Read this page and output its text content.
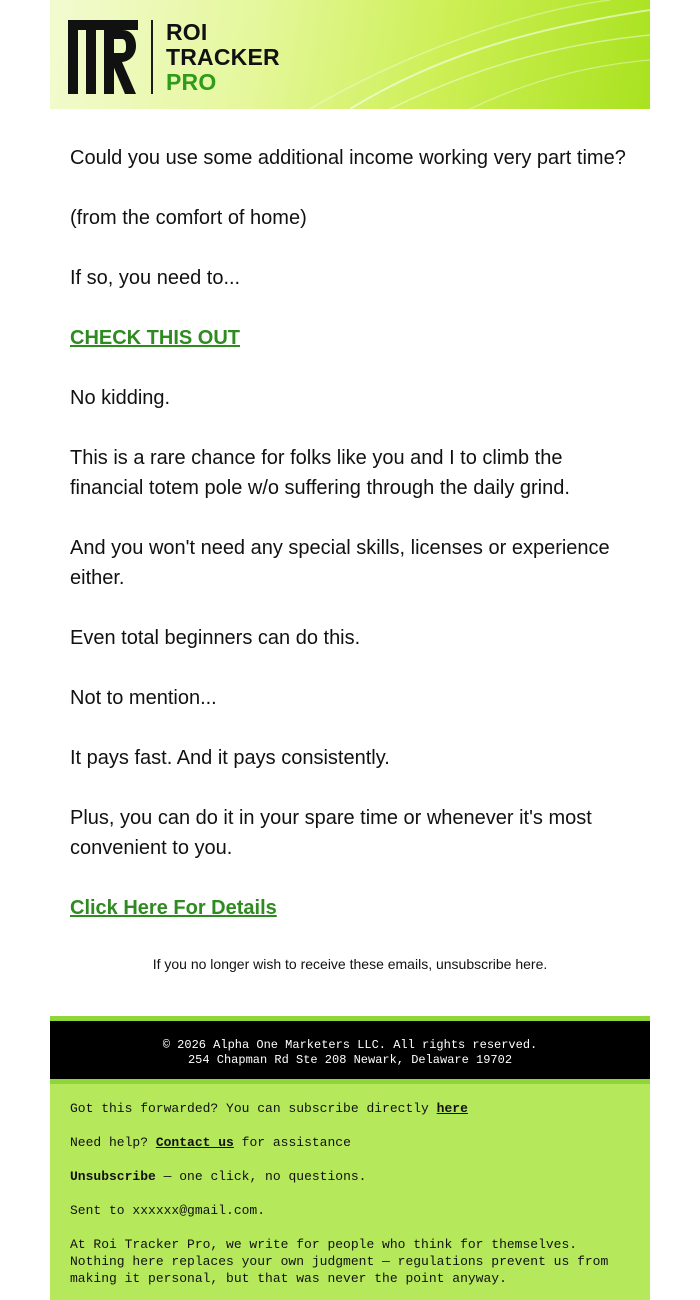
ROI
TRACKER
PRO

Could you use some additional income working very part time?

(from the comfort of home)

If so, you need to...

CHECK THIS OUT

No kidding.

This is a rare chance for folks like you and I to climb the financial totem pole w/o suffering through the daily grind.

And you won't need any special skills, licenses or experience either.

Even total beginners can do this.

Not to mention...

It pays fast. And it pays consistently.

Plus, you can do it in your spare time or whenever it's most convenient to you.

Click Here For Details

If you no longer wish to receive these emails, unsubscribe here.
© 2026 Alpha One Marketers LLC. All rights reserved.
254 Chapman Rd Ste 208 Newark, Delaware 19702

Got this forwarded? You can subscribe directly here

Need help? Contact us for assistance

Unsubscribe — one click, no questions.

Sent to xxxxxx@gmail.com.

At Roi Tracker Pro, we write for people who think for themselves. Nothing here replaces your own judgment — regulations prevent us from making it personal, but that was never the point anyway.
